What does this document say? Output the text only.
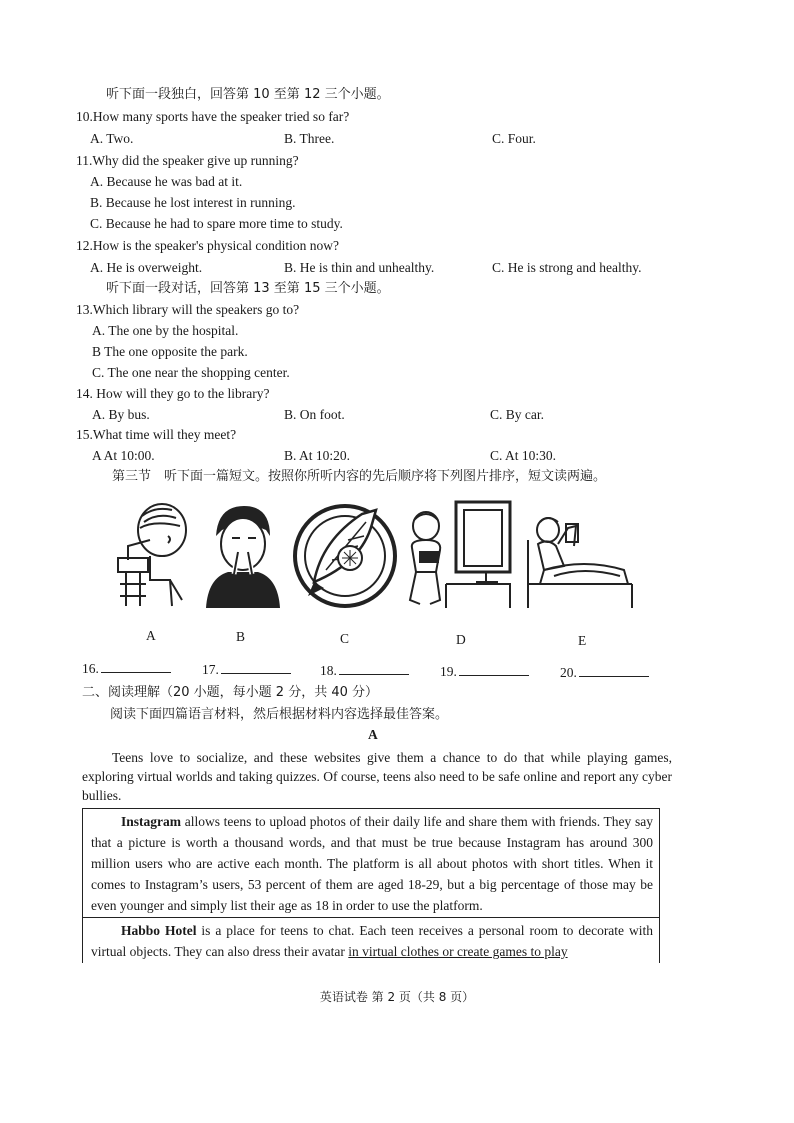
听下面一段独白，回答第 10 至第 12 三个小题。
10.How many sports have the speaker tried so far?
A. Two.	B. Three.	C. Four.
11.Why did the speaker give up running?
A. Because he was bad at it.
B. Because he lost interest in running.
C. Because he had to spare more time to study.
12.How is the speaker's physical condition now?
A. He is overweight.	B. He is thin and unhealthy.	C. He is strong and healthy.
听下面一段对话，回答第 13 至第 15 三个小题。
13.Which library will the speakers go to?
A. The one by the hospital.
B The one opposite the park.
C. The one near the shopping center.
14. How will they go to the library?
A. By bus.	B. On foot.	C. By car.
15.What time will they meet?
A At 10:00.	B. At 10:20.	C. At 10:30.
第三节　听下面一篇短文。按照你所听内容的先后顺序将下列图片排序，短文读两遍。
A	B	C	D	E
16.	17.	18.	19.	20.
二、阅读理解（20 小题，每小题 2 分，共 40 分）
阅读下面四篇语言材料，然后根据材料内容选择最佳答案。
A
Teens love to socialize, and these websites give them a chance to do that while playing games, exploring virtual worlds and taking quizzes. Of course, teens also need to be safe online and report any cyber bullies.
Instagram allows teens to upload photos of their daily life and share them with friends. They say that a picture is worth a thousand words, and that must be true because Instagram has around 300 million users who are active each month. The platform is all about photos with short titles. When it comes to Instagram’s users, 53 percent of them are aged 18-29, but a big percentage of those may be even younger and simply list their age as 18 in order to use the platform.
Habbo Hotel is a place for teens to chat. Each teen receives a personal room to decorate with virtual objects. They can also dress their avatar in virtual clothes or create games to play
英语试卷 第 2 页（共 8 页）
